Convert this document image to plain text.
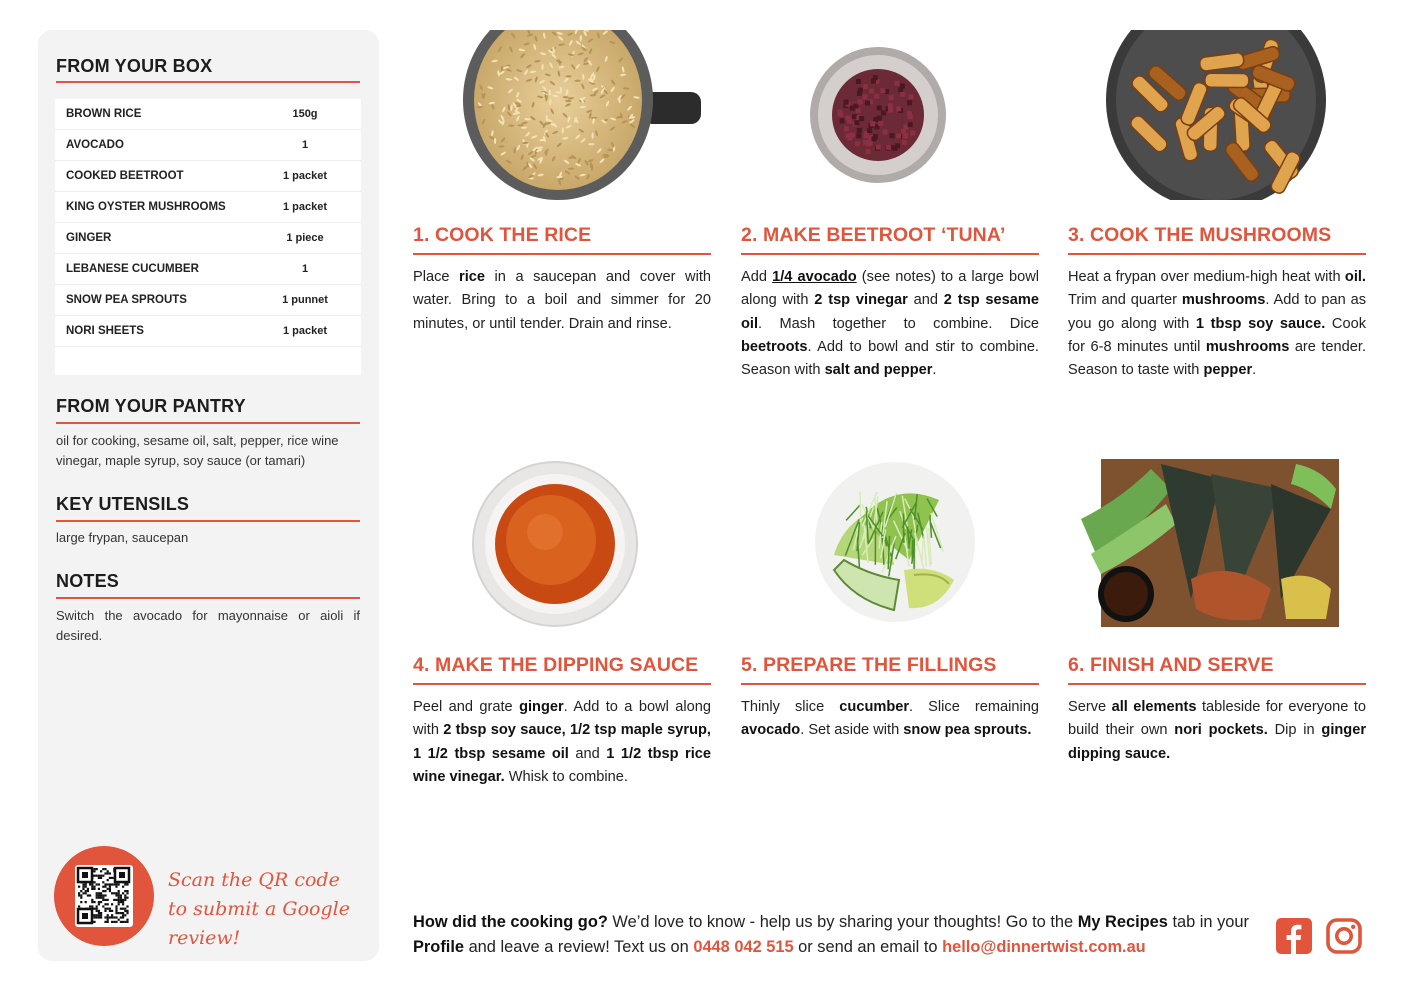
FROM YOUR BOX
BROWN RICE	150g
AVOCADO	1
COOKED BEETROOT	1 packet
KING OYSTER MUSHROOMS	1 packet
GINGER	1 piece
LEBANESE CUCUMBER	1
SNOW PEA SPROUTS	1 punnet
NORI SHEETS	1 packet
FROM YOUR PANTRY
oil for cooking, sesame oil, salt, pepper, rice wine vinegar, maple syrup, soy sauce (or tamari)
KEY UTENSILS
large frypan, saucepan
NOTES
Switch the avocado for mayonnaise or aioli if desired.
Scan the QR code to submit a Google review!
1. COOK THE RICE
Place rice in a saucepan and cover with water. Bring to a boil and simmer for 20 minutes, or until tender. Drain and rinse.
2. MAKE BEETROOT ‘TUNA’
Add 1/4 avocado (see notes) to a large bowl along with 2 tsp vinegar and 2 tsp sesame oil. Mash together to combine. Dice beetroots. Add to bowl and stir to combine. Season with salt and pepper.
3. COOK THE MUSHROOMS
Heat a frypan over medium-high heat with oil. Trim and quarter mushrooms. Add to pan as you go along with 1 tbsp soy sauce. Cook for 6-8 minutes until mushrooms are tender. Season to taste with pepper.
4. MAKE THE DIPPING SAUCE
Peel and grate ginger. Add to a bowl along with 2 tbsp soy sauce, 1/2 tsp maple syrup, 1 1/2 tbsp sesame oil and 1 1/2 tbsp rice wine vinegar. Whisk to combine.
5. PREPARE THE FILLINGS
Thinly slice cucumber. Slice remaining avocado. Set aside with snow pea sprouts.
6. FINISH AND SERVE
Serve all elements tableside for everyone to build their own nori pockets. Dip in ginger dipping sauce.
How did the cooking go? We’d love to know - help us by sharing your thoughts! Go to the My Recipes tab in your Profile and leave a review! Text us on 0448 042 515 or send an email to hello@dinnertwist.com.au
